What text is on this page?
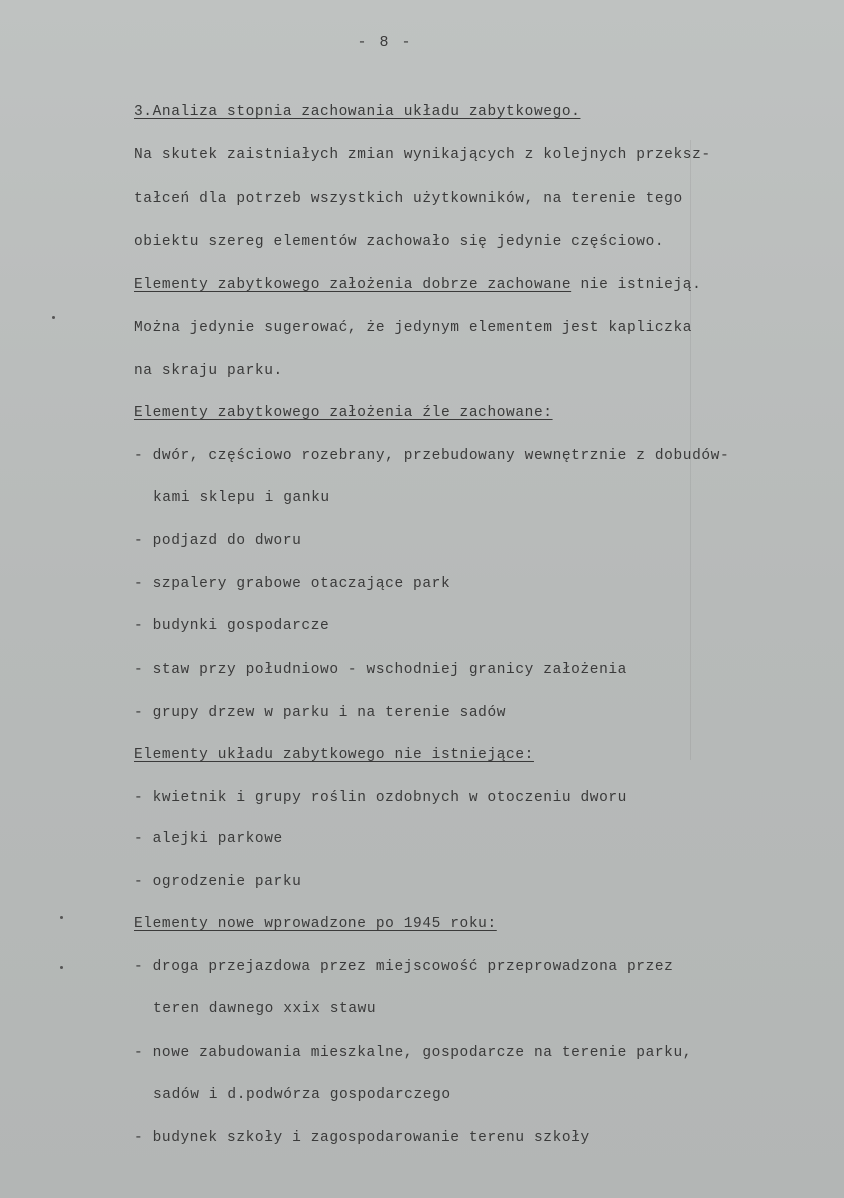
- 8 -
3.Analiza stopnia zachowania układu zabytkowego.
Na skutek zaistniałych zmian wynikających z kolejnych przeksz-
tałceń dla potrzeb wszystkich użytkowników, na terenie tego
obiektu szereg elementów zachowało się jedynie częściowo.
Elementy zabytkowego założenia dobrze zachowane nie istnieją.
Można jedynie sugerować, że jedynym elementem jest kapliczka
na skraju parku.
Elementy zabytkowego założenia źle zachowane:
- dwór, częściowo rozebrany, przebudowany wewnętrznie z dobudów-
kami sklepu i ganku
- podjazd do dworu
- szpalery grabowe otaczające park
- budynki gospodarcze
- staw przy południowo - wschodniej granicy założenia
- grupy drzew w parku i na terenie sadów
Elementy układu zabytkowego nie istniejące:
- kwietnik i grupy roślin ozdobnych w otoczeniu dworu
- alejki parkowe
- ogrodzenie parku
Elementy nowe wprowadzone po 1945 roku:
- droga przejazdowa przez miejscowość przeprowadzona przez
teren dawnego xxix stawu
- nowe zabudowania mieszkalne, gospodarcze na terenie parku,
sadów i d.podwórza gospodarczego
- budynek szkoły i zagospodarowanie terenu szkoły
